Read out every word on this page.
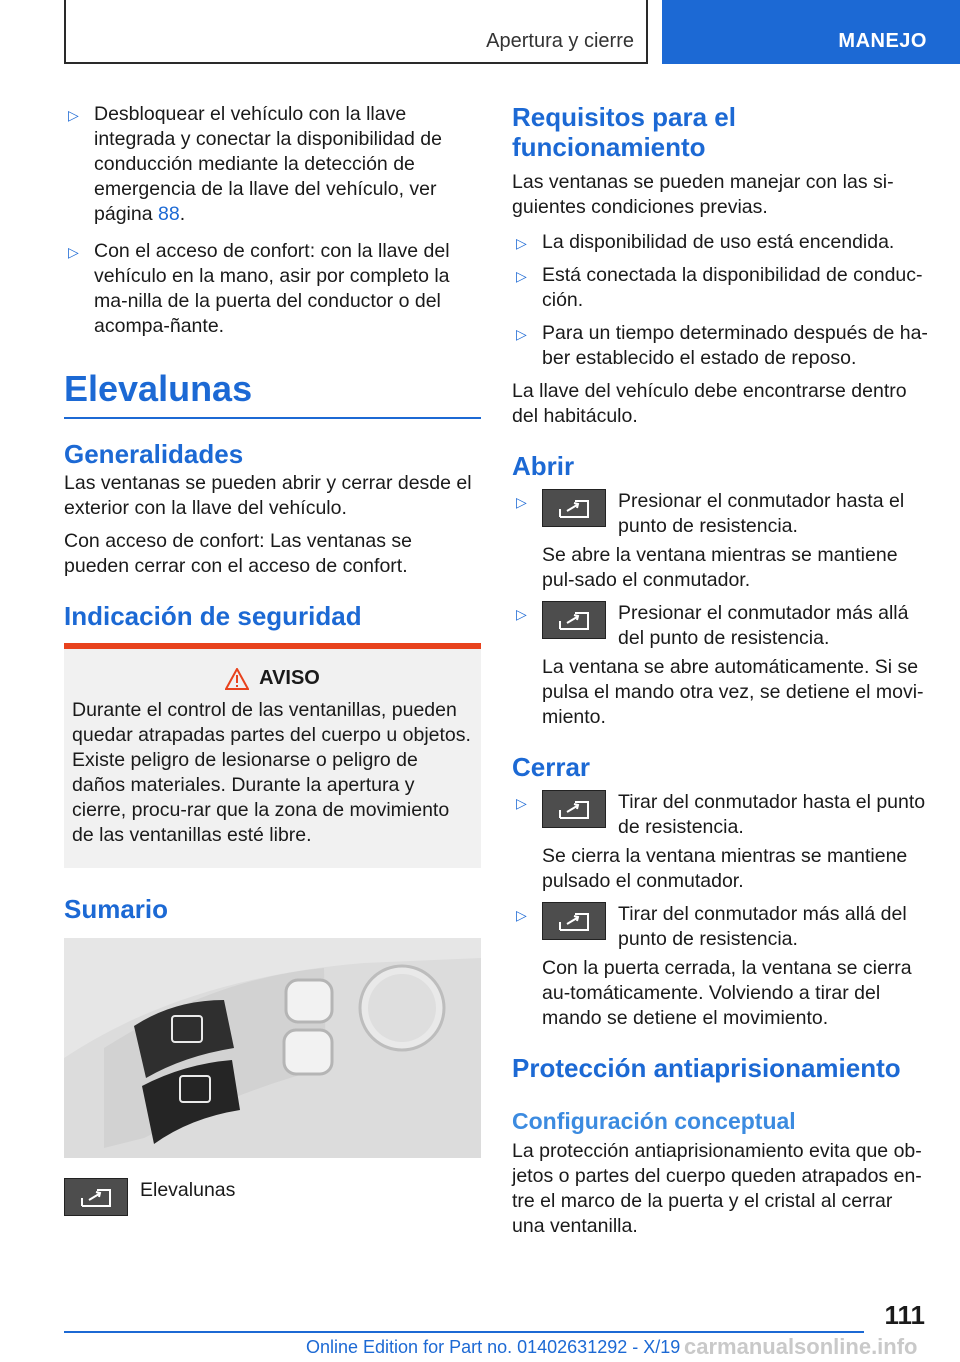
Apertura y cierre	MANEJO
▷ Desbloquear el vehículo con la llave integrada y conectar la disponibilidad de conducción mediante la detección de emergencia de la llave del vehículo, ver página 88.
▷ Con el acceso de confort: con la llave del vehículo en la mano, asir por completo la ma-nilla de la puerta del conductor o del acompa-ñante.
Elevalunas
Generalidades

Las ventanas se pueden abrir y cerrar desde el exterior con la llave del vehículo.

Con acceso de confort: Las ventanas se pueden cerrar con el acceso de confort.

Indicación de seguridad
AVISO

Durante el control de las ventanillas, pueden quedar atrapadas partes del cuerpo u objetos. Existe peligro de lesionarse o peligro de daños materiales. Durante la apertura y cierre, procu-rar que la zona de movimiento de las ventanillas esté libre.

Sumario
Elevalunas
Requisitos para el funcionamiento

Las ventanas se pueden manejar con las si-guientes condiciones previas.

▷ La disponibilidad de uso está encendida.
▷ Está conectada la disponibilidad de conduc-ción.
▷ Para un tiempo determinado después de ha-ber establecido el estado de reposo.

La llave del vehículo debe encontrarse dentro del habitáculo.

Abrir
▷	Presionar el conmutador hasta el punto de resistencia.

Se abre la ventana mientras se mantiene pul-sado el conmutador.

▷	Presionar el conmutador más allá del punto de resistencia.

La ventana se abre automáticamente. Si se pulsa el mando otra vez, se detiene el movi-miento.

Cerrar
▷	Tirar del conmutador hasta el punto de resistencia.

Se cierra la ventana mientras se mantiene pulsado el conmutador.

▷	Tirar del conmutador más allá del punto de resistencia.

Con la puerta cerrada, la ventana se cierra au-tomáticamente. Volviendo a tirar del mando se detiene el movimiento.

Protección antiaprisionamiento
Configuración conceptual

La protección antiaprisionamiento evita que ob-jetos o partes del cuerpo queden atrapados en-tre el marco de la puerta y el cristal al cerrar una ventanilla.

111
Online Edition for Part no. 01402631292 - X/19 carmanualsonline.info
